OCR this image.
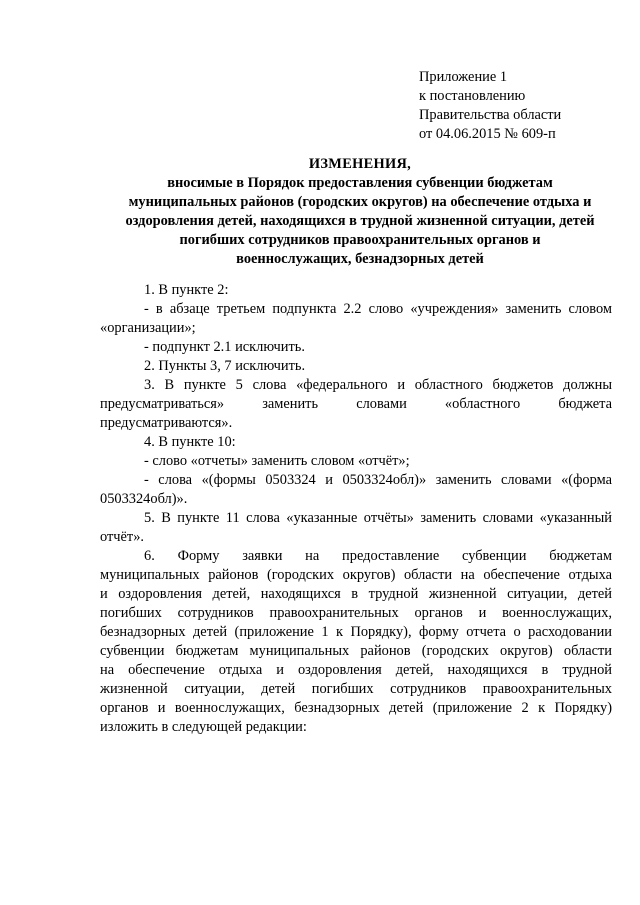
Приложение 1
к постановлению
Правительства области
от 04.06.2015 № 609-п
ИЗМЕНЕНИЯ,
вносимые в Порядок предоставления субвенции бюджетам
муниципальных районов (городских округов) на обеспечение отдыха и
оздоровления детей, находящихся в трудной жизненной ситуации, детей
погибших сотрудников правоохранительных органов и
военнослужащих, безнадзорных детей
1. В пункте 2:
- в абзаце третьем подпункта 2.2 слово «учреждения» заменить словом
«организации»;
- подпункт 2.1 исключить.
2. Пункты 3, 7 исключить.
3. В пункте 5 слова «федерального и областного бюджетов должны
предусматриваться» заменить словами «областного бюджета
предусматриваются».
4. В пункте 10:
- слово «отчеты» заменить словом «отчёт»;
- слова «(формы 0503324 и 0503324обл)» заменить словами «(форма
0503324обл)».
5. В пункте 11 слова «указанные отчёты» заменить словами «указанный
отчёт».
6. Форму заявки на предоставление субвенции бюджетам
муниципальных районов (городских округов) области на обеспечение отдыха
и оздоровления детей, находящихся в трудной жизненной ситуации, детей
погибших сотрудников правоохранительных органов и военнослужащих,
безнадзорных детей (приложение 1 к Порядку), форму отчета о расходовании
субвенции бюджетам муниципальных районов (городских округов) области
на обеспечение отдыха и оздоровления детей, находящихся в трудной
жизненной ситуации, детей погибших сотрудников правоохранительных
органов и военнослужащих, безнадзорных детей (приложение 2 к Порядку)
изложить в следующей редакции:
